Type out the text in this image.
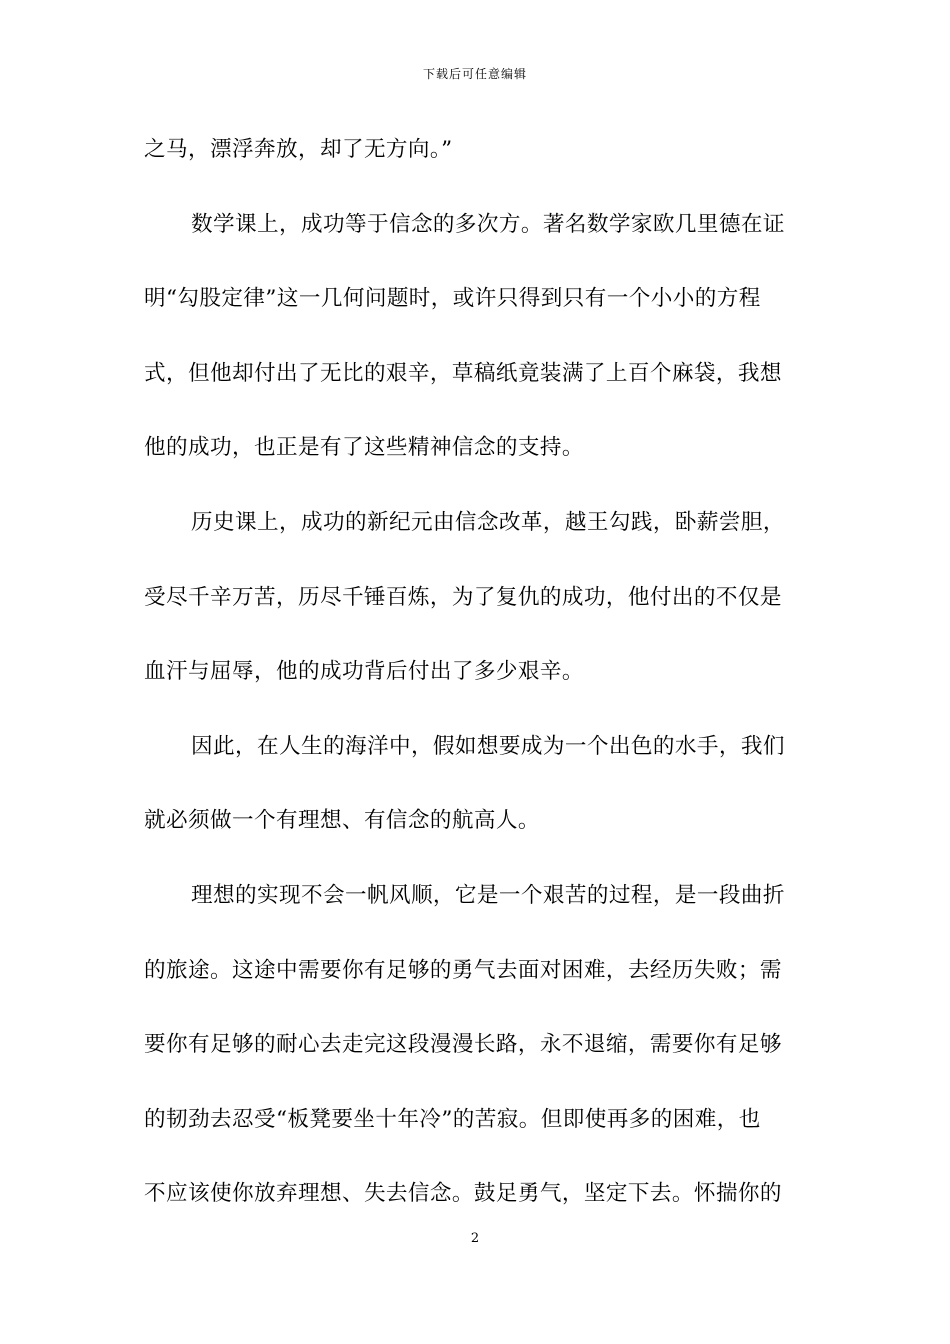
下载后可任意编辑
之马，漂浮奔放，却了无方向。”
数学课上，成功等于信念的多次方。著名数学家欧几里德在证
明“勾股定律”这一几何问题时，或许只得到只有一个小小的方程
式，但他却付出了无比的艰辛，草稿纸竟装满了上百个麻袋，我想
他的成功，也正是有了这些精神信念的支持。
历史课上，成功的新纪元由信念改革，越王勾践，卧薪尝胆，
受尽千辛万苦，历尽千锤百炼，为了复仇的成功，他付出的不仅是
血汗与屈辱，他的成功背后付出了多少艰辛。
因此，在人生的海洋中，假如想要成为一个出色的水手，我们
就必须做一个有理想、有信念的航高人。
理想的实现不会一帆风顺，它是一个艰苦的过程，是一段曲折
的旅途。这途中需要你有足够的勇气去面对困难，去经历失败；需
要你有足够的耐心去走完这段漫漫长路，永不退缩，需要你有足够
的韧劲去忍受“板凳要坐十年冷”的苦寂。但即使再多的困难，也
不应该使你放弃理想、失去信念。鼓足勇气，坚定下去。怀揣你的
2
